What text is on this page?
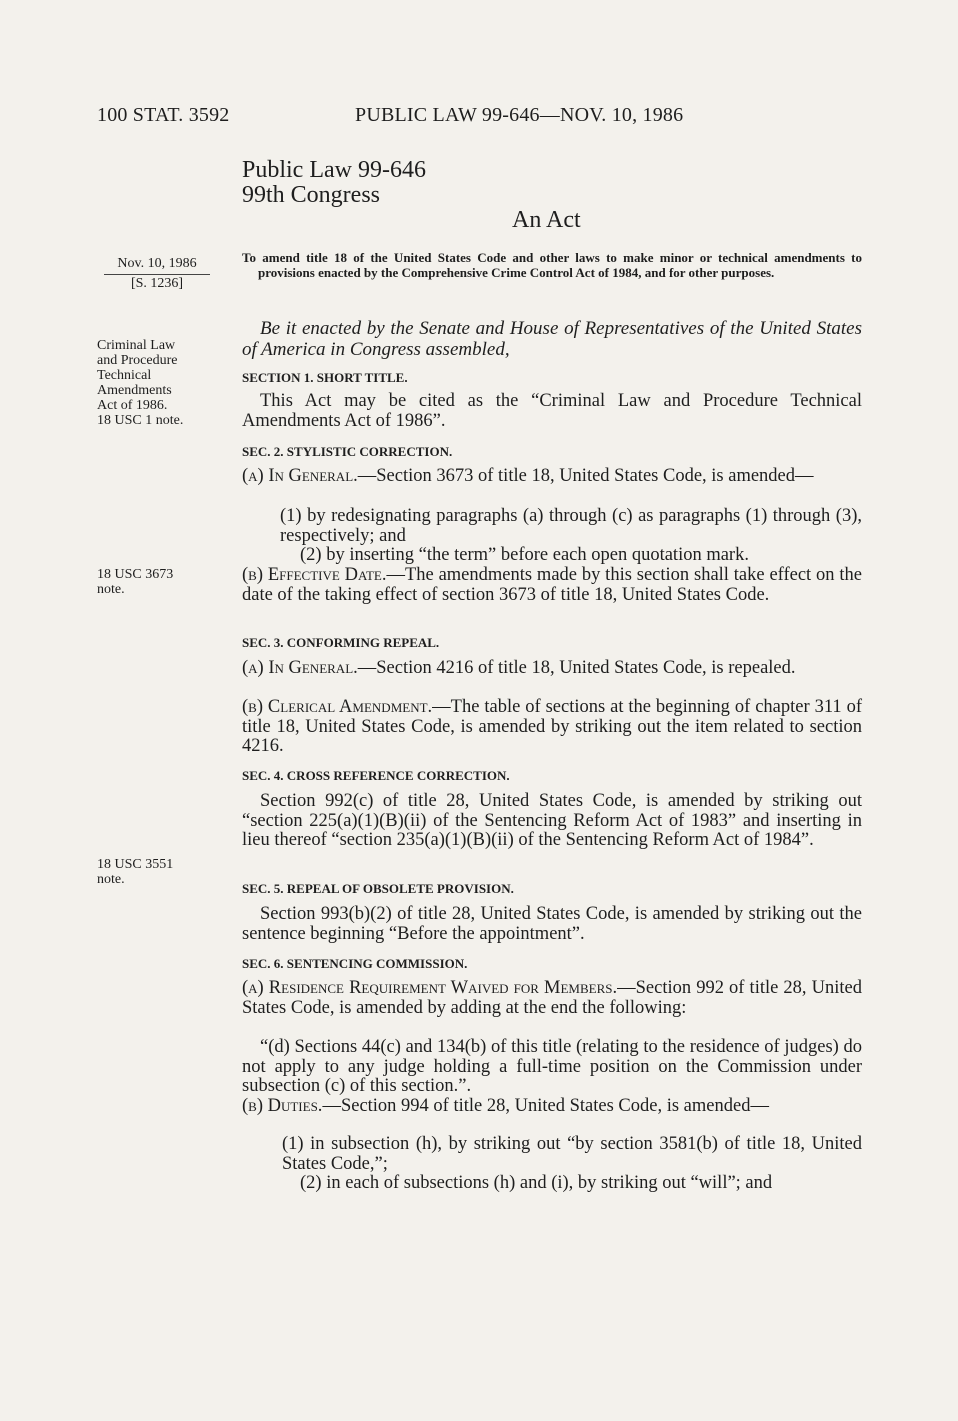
100 STAT. 3592	PUBLIC LAW 99-646—NOV. 10, 1986
Public Law 99-646
99th Congress
An Act
Nov. 10, 1986
[S. 1236]
Criminal Law
and Procedure
Technical
Amendments
Act of 1986.
18 USC 1 note.
18 USC 3673
note.
18 USC 3551
note.
To amend title 18 of the United States Code and other laws to make minor or technical amendments to provisions enacted by the Comprehensive Crime Control Act of 1984, and for other purposes.
Be it enacted by the Senate and House of Representatives of the United States of America in Congress assembled,
SECTION 1. SHORT TITLE.
This Act may be cited as the “Criminal Law and Procedure Technical Amendments Act of 1986”.
SEC. 2. STYLISTIC CORRECTION.
(a) In General.—Section 3673 of title 18, United States Code, is amended—
(1) by redesignating paragraphs (a) through (c) as paragraphs (1) through (3), respectively; and
(2) by inserting “the term” before each open quotation mark.
(b) Effective Date.—The amendments made by this section shall take effect on the date of the taking effect of section 3673 of title 18, United States Code.
SEC. 3. CONFORMING REPEAL.
(a) In General.—Section 4216 of title 18, United States Code, is repealed.
(b) Clerical Amendment.—The table of sections at the beginning of chapter 311 of title 18, United States Code, is amended by striking out the item related to section 4216.
SEC. 4. CROSS REFERENCE CORRECTION.
Section 992(c) of title 28, United States Code, is amended by striking out “section 225(a)(1)(B)(ii) of the Sentencing Reform Act of 1983” and inserting in lieu thereof “section 235(a)(1)(B)(ii) of the Sentencing Reform Act of 1984”.
SEC. 5. REPEAL OF OBSOLETE PROVISION.
Section 993(b)(2) of title 28, United States Code, is amended by striking out the sentence beginning “Before the appointment”.
SEC. 6. SENTENCING COMMISSION.
(a) Residence Requirement Waived for Members.—Section 992 of title 28, United States Code, is amended by adding at the end the following:
“(d) Sections 44(c) and 134(b) of this title (relating to the residence of judges) do not apply to any judge holding a full-time position on the Commission under subsection (c) of this section.”.
(b) Duties.—Section 994 of title 28, United States Code, is amended—
(1) in subsection (h), by striking out “by section 3581(b) of title 18, United States Code,”;
(2) in each of subsections (h) and (i), by striking out “will”; and
